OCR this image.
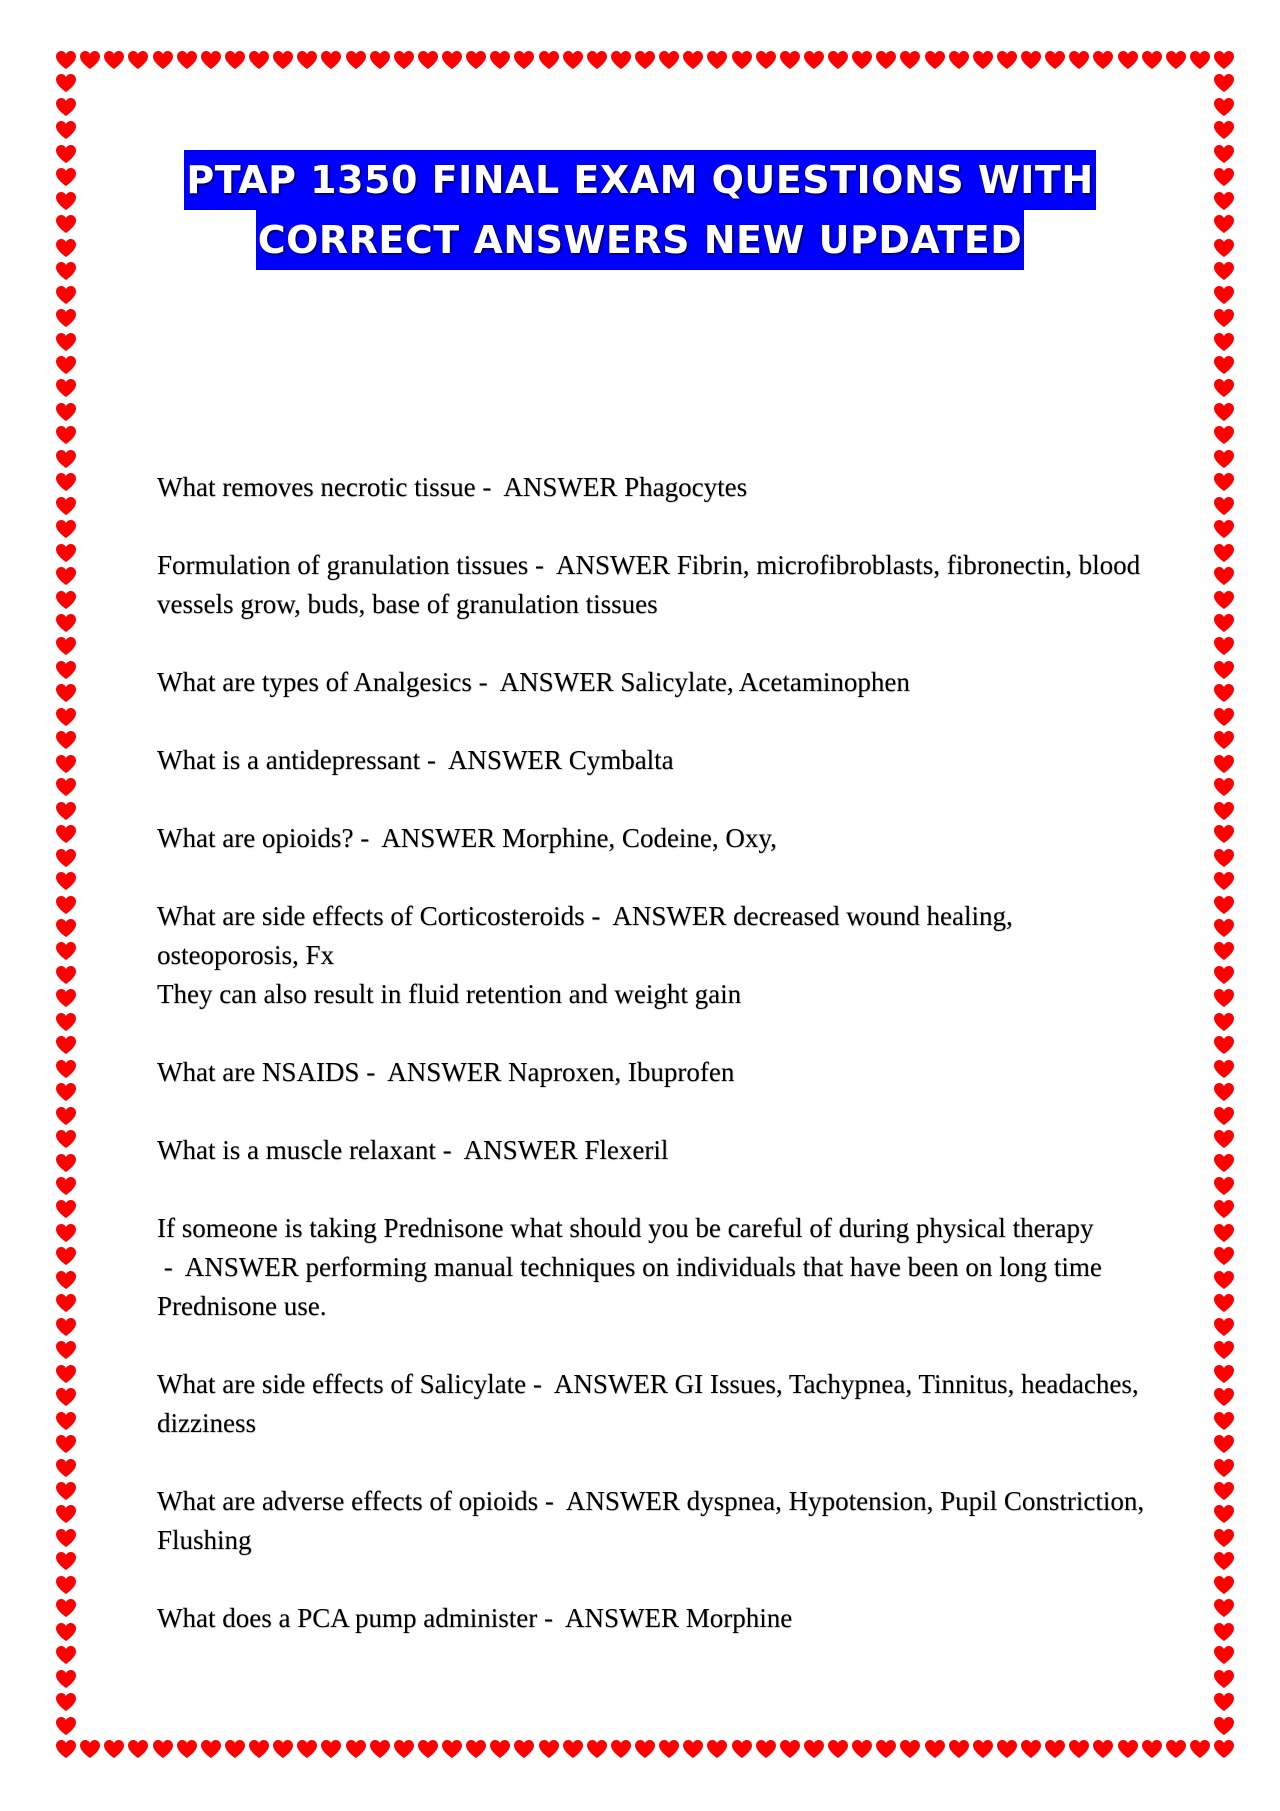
PTAP 1350 FINAL EXAM QUESTIONS WITH
CORRECT ANSWERS NEW UPDATED

What removes necrotic tissue -  ANSWER Phagocytes

Formulation of granulation tissues -  ANSWER Fibrin, microfibroblasts, fibronectin, blood vessels grow, buds, base of granulation tissues

What are types of Analgesics -  ANSWER Salicylate, Acetaminophen

What is a antidepressant -  ANSWER Cymbalta

What are opioids? -  ANSWER Morphine, Codeine, Oxy,

What are side effects of Corticosteroids -  ANSWER decreased wound healing, osteoporosis, Fx
They can also result in fluid retention and weight gain

What are NSAIDS -  ANSWER Naproxen, Ibuprofen

What is a muscle relaxant -  ANSWER Flexeril

If someone is taking Prednisone what should you be careful of during physical therapy -  ANSWER performing manual techniques on individuals that have been on long time Prednisone use.

What are side effects of Salicylate -  ANSWER GI Issues, Tachypnea, Tinnitus, headaches, dizziness

What are adverse effects of opioids -  ANSWER dyspnea, Hypotension, Pupil Constriction, Flushing

What does a PCA pump administer -  ANSWER Morphine
